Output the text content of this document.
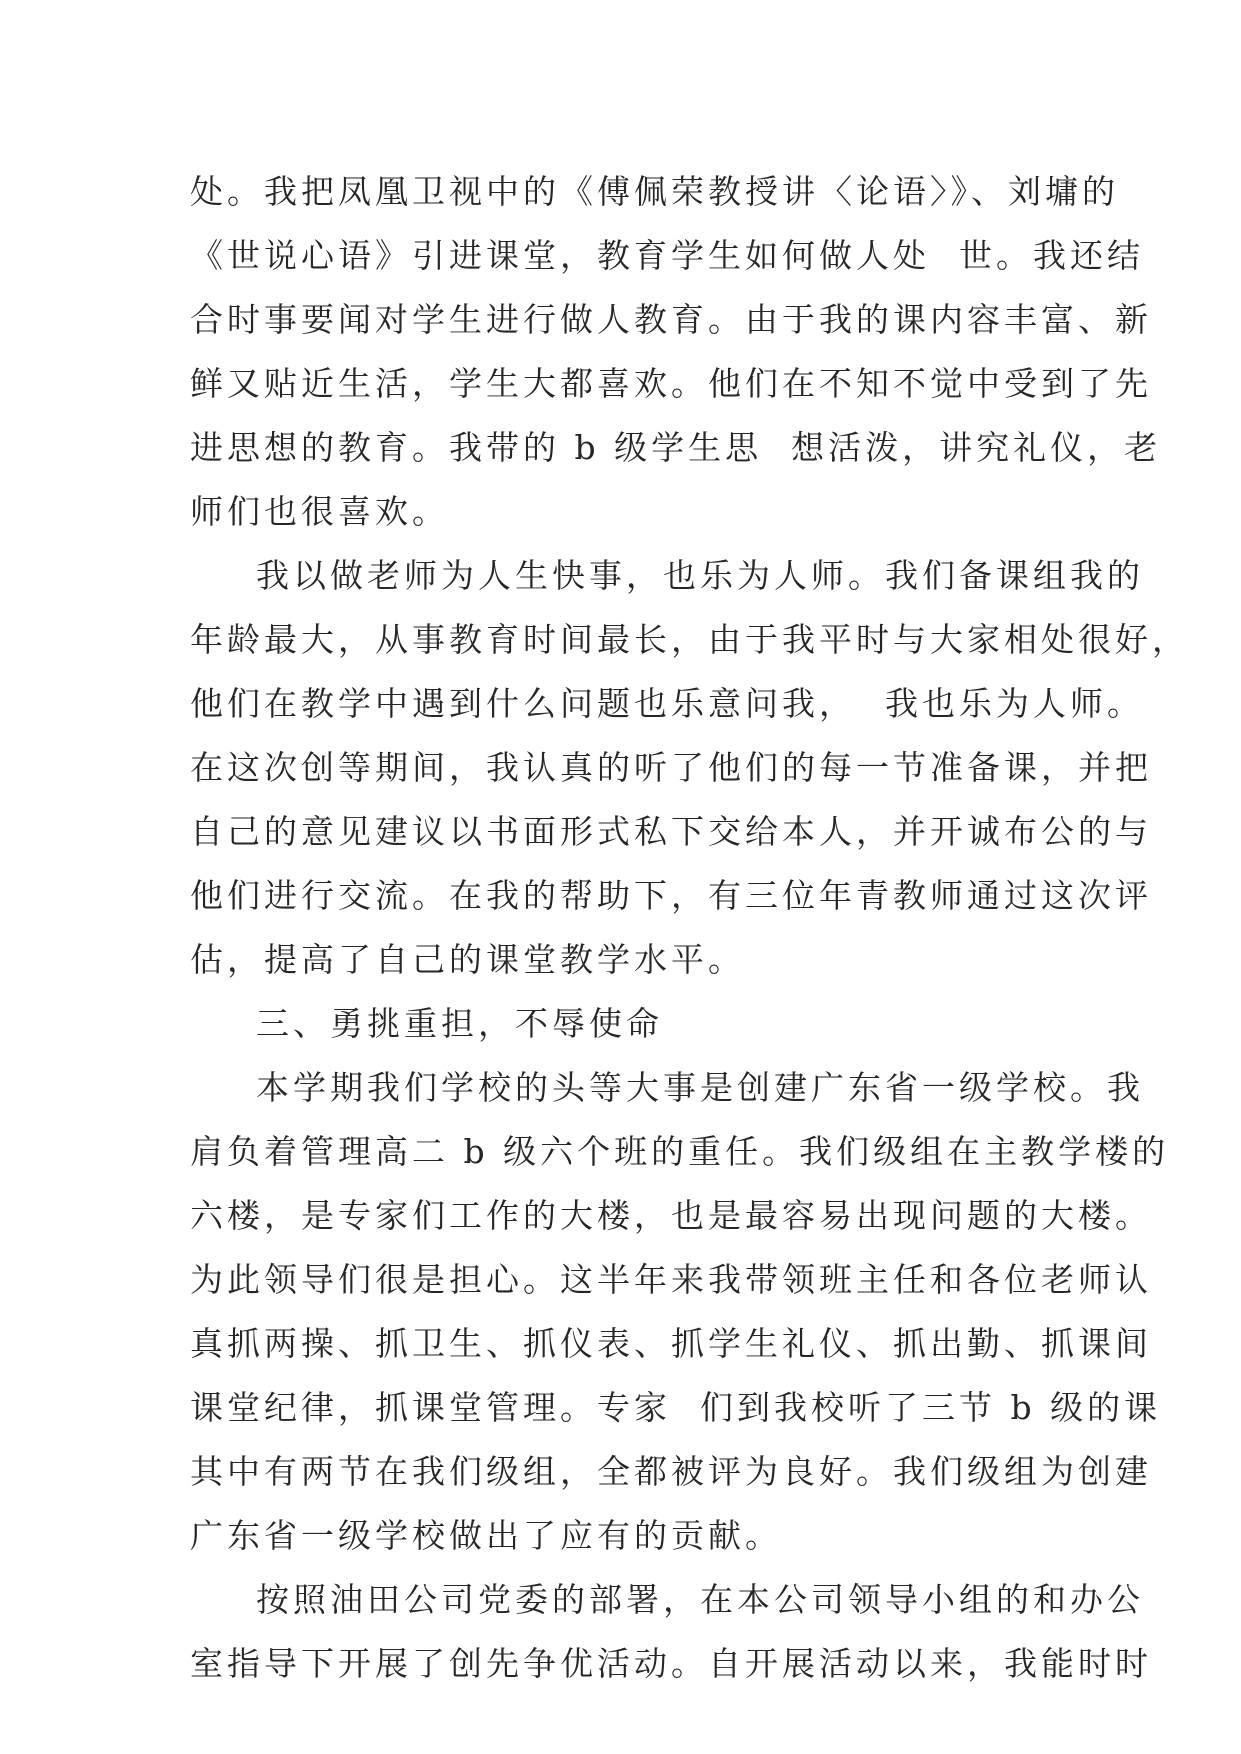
处。我把凤凰卫视中的《傅佩荣教授讲〈论语〉》、刘墉的
《世说心语》引进课堂，教育学生如何做人处  世。我还结
合时事要闻对学生进行做人教育。由于我的课内容丰富、新
鲜又贴近生活，学生大都喜欢。他们在不知不觉中受到了先
进思想的教育。我带的 b 级学生思  想活泼，讲究礼仪，老
师们也很喜欢。
我以做老师为人生快事，也乐为人师。我们备课组我的
年龄最大，从事教育时间最长，由于我平时与大家相处很好，
他们在教学中遇到什么问题也乐意问我，  我也乐为人师。
在这次创等期间，我认真的听了他们的每一节准备课，并把
自己的意见建议以书面形式私下交给本人，并开诚布公的与
他们进行交流。在我的帮助下，有三位年青教师通过这次评
估，提高了自己的课堂教学水平。
三、勇挑重担，不辱使命
本学期我们学校的头等大事是创建广东省一级学校。我
肩负着管理高二 b 级六个班的重任。我们级组在主教学楼的
六楼，是专家们工作的大楼，也是最容易出现问题的大楼。
为此领导们很是担心。这半年来我带领班主任和各位老师认
真抓两操、抓卫生、抓仪表、抓学生礼仪、抓出勤、抓课间
课堂纪律，抓课堂管理。专家  们到我校听了三节 b 级的课
其中有两节在我们级组，全都被评为良好。我们级组为创建
广东省一级学校做出了应有的贡献。
按照油田公司党委的部署，在本公司领导小组的和办公
室指导下开展了创先争优活动。自开展活动以来，我能时时
